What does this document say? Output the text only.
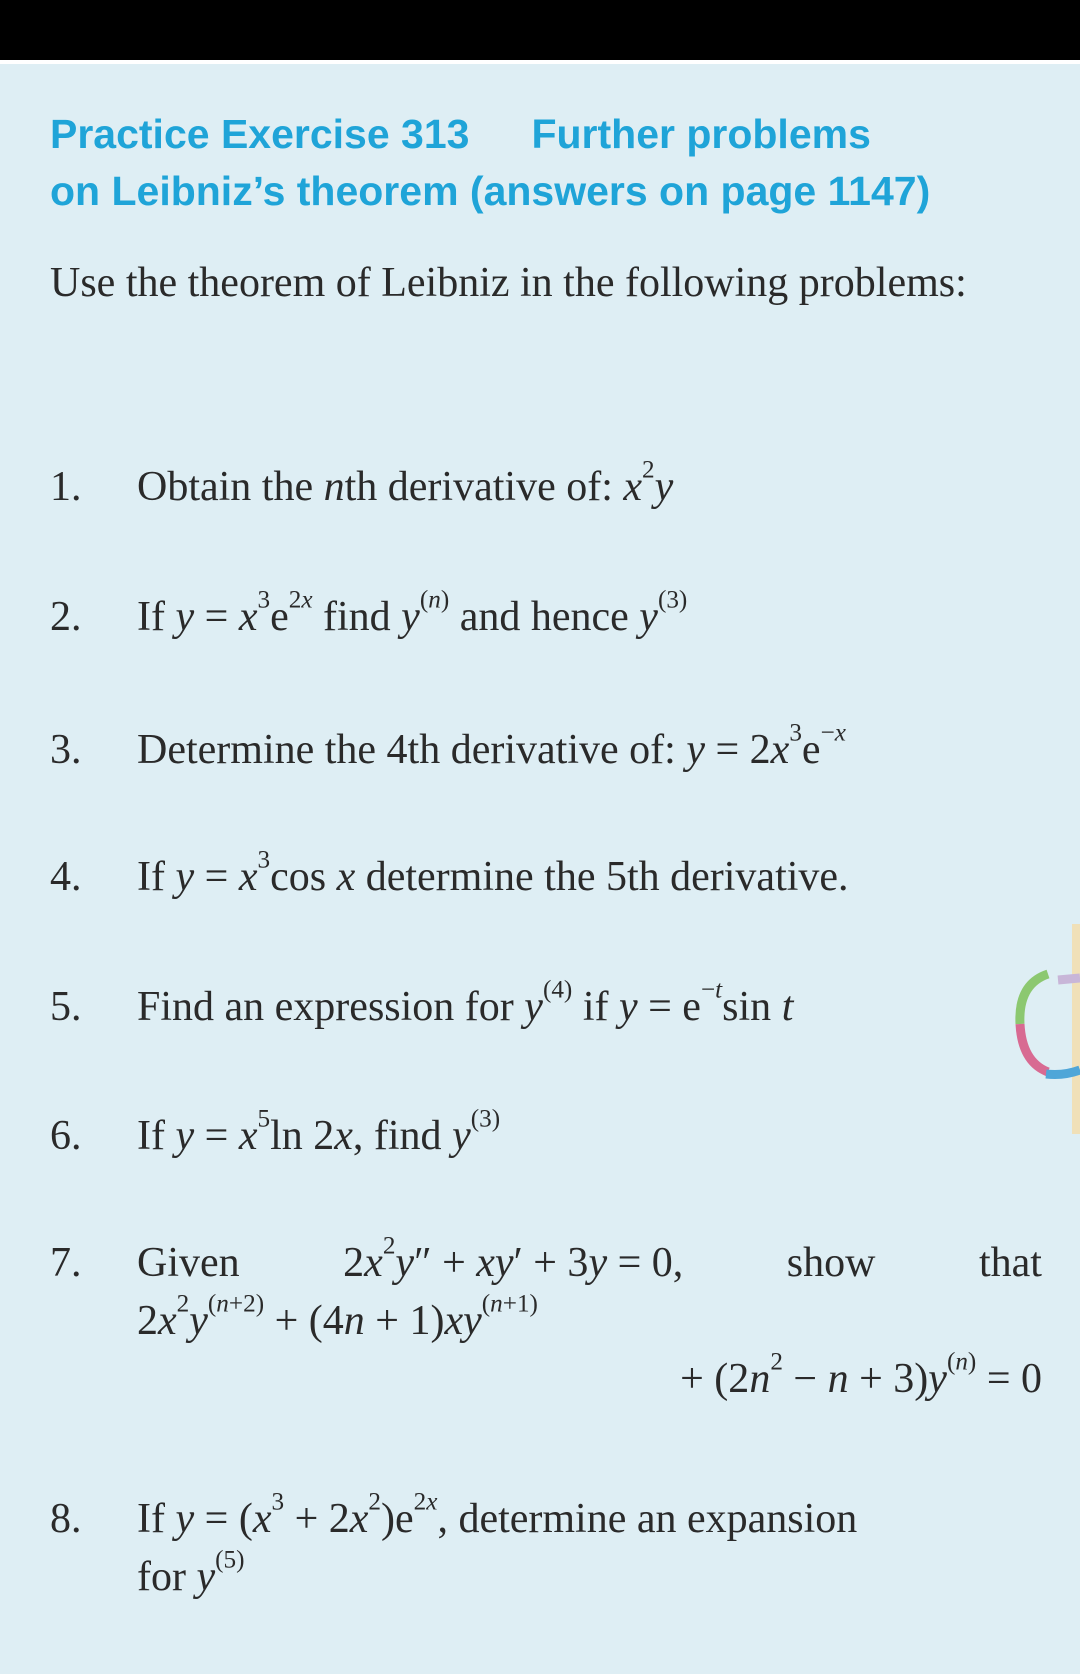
Practice Exercise 313 Further problems
on Leibniz’s theorem (answers on page 1147)
Use the theorem of Leibniz in the following problems:
1. Obtain the nth derivative of: $x^2y$
2. If $y = x^3e^{2x}$ find $y^{(n)}$ and hence $y^{(3)}$
3. Determine the 4th derivative of: $y = 2x^3e^{-x}$
4. If $y = x^3\cos$ x determine the 5th derivative.
5. Find an expression for $y^{(4)}$ if $y = e^{-t}\sin$ t
6. If $y = x^5\ln$ 2x, find $y^{(3)}$
7. Given $2x^2y'' + xy' + 3y = 0$, show that
$2x^2y^{(n+2)} + (4n + 1)xy^{(n+1)}$
+ $(2n^2 - n + 3)y^{(n)} = 0$
8. If $y = (x^3 + 2x^2)e^{2x}$, determine an expansion
for $y^{(5)}$
